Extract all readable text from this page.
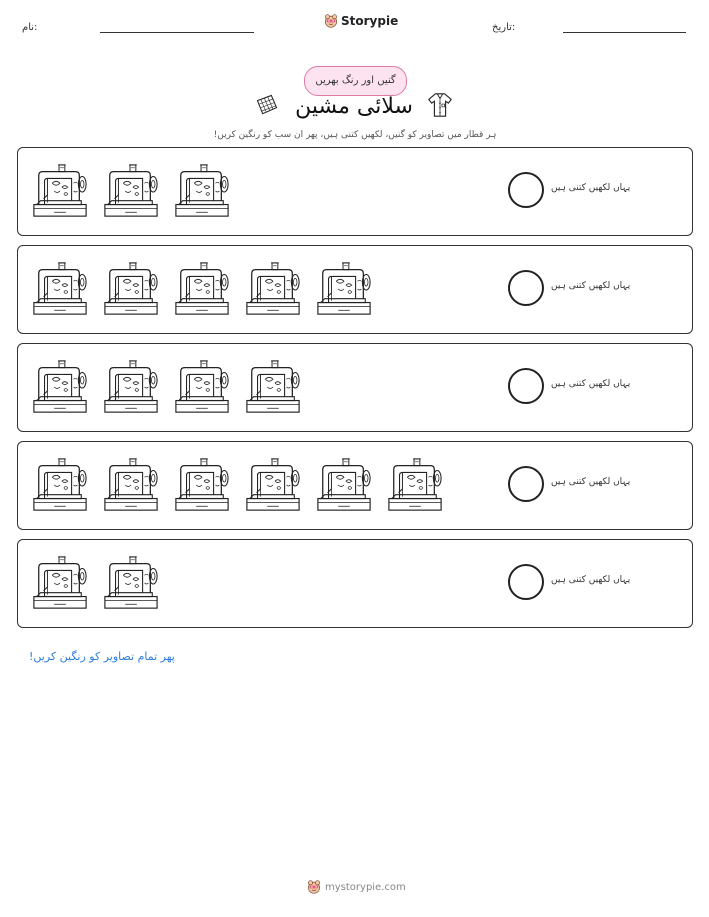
نام:	Storypie	تاریخ:
گنیں اور رنگ بھریں
سلائی مشین
ہر قطار میں تصاویر کو گنیں، لکھیں کتنی ہیں، پھر ان سب کو رنگین کریں!
یہاں لکھیں کتنی ہیں
یہاں لکھیں کتنی ہیں
یہاں لکھیں کتنی ہیں
یہاں لکھیں کتنی ہیں
یہاں لکھیں کتنی ہیں
پھر تمام تصاویر کو رنگین کریں!
mystorypie.com
